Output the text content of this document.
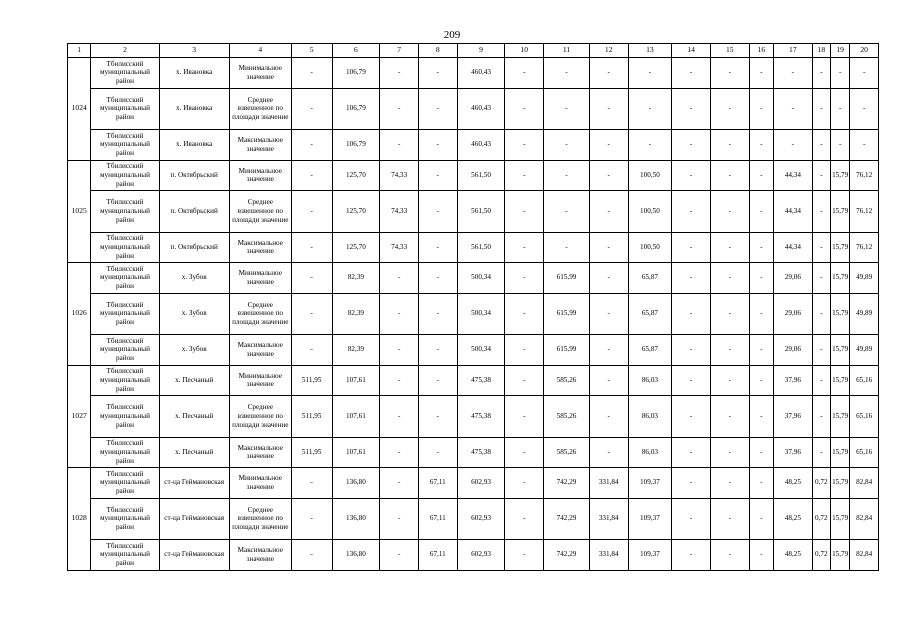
209
1	2	3	4	5	6	7	8	9	10	11	12	13	14	15	16	17	18	19	20
1024	Тбилисский муниципальный район	х. Ивановка	Минимальное значение	-	106,79	-	-	460,43	-	-	-	-	-	-	-	-	-	-	-
	Тбилисский муниципальный район	х. Ивановка	Среднее взвешенное по площади значение	-	106,79	-	-	460,43	-	-	-	-	-	-	-	-	-	-	-
	Тбилисский муниципальный район	х. Ивановка	Максимальное значение	-	106,79	-	-	460,43	-	-	-	-	-	-	-	-	-	-	-
1025	Тбилисский муниципальный район	п. Октябрьский	Минимальное значение	-	125,70	74,33	-	561,50	-	-	-	100,50	-	-	-	44,34	-	15,79	76,12
	Тбилисский муниципальный район	п. Октябрьский	Среднее взвешенное по площади значение	-	125,70	74,33	-	561,50	-	-	-	100,50	-	-	-	44,34	-	15,79	76,12
	Тбилисский муниципальный район	п. Октябрьский	Максимальное значение	-	125,70	74,33	-	561,50	-	-	-	100,50	-	-	-	44,34	-	15,79	76,12
1026	Тбилисский муниципальный район	х. Зубов	Минимальное значение	-	82,39	-	-	500,34	-	615,99	-	65,87	-	-	-	29,06	-	15,79	49,89
	Тбилисский муниципальный район	х. Зубов	Среднее взвешенное по площади значение	-	82,39	-	-	500,34	-	615,99	-	65,87	-	-	-	29,06	-	15,79	49,89
	Тбилисский муниципальный район	х. Зубов	Максимальное значение	-	82,39	-	-	500,34	-	615,99	-	65,87	-	-	-	29,06	-	15,79	49,89
1027	Тбилисский муниципальный район	х. Песчаный	Минимальное значение	511,95	107,61	-	-	475,38	-	585,26	-	86,03	-	-	-	37,96	-	15,79	65,16
	Тбилисский муниципальный район	х. Песчаный	Среднее взвешенное по площади значение	511,95	107,61	-	-	475,38	-	585,26	-	86,03	-	-	-	37,96	-	15,79	65,16
	Тбилисский муниципальный район	х. Песчаный	Максимальное значение	511,95	107,61	-	-	475,38	-	585,26	-	86,03	-	-	-	37,96	-	15,79	65,16
1028	Тбилисский муниципальный район	ст-ца Геймановская	Минимальное значение	-	136,80	-	67,11	602,93	-	742,29	331,84	109,37	-	-	-	48,25	0,72	15,79	82,84
	Тбилисский муниципальный район	ст-ца Геймановская	Среднее взвешенное по площади значение	-	136,80	-	67,11	602,93	-	742,29	331,84	109,37	-	-	-	48,25	0,72	15,79	82,84
	Тбилисский муниципальный район	ст-ца Геймановская	Максимальное значение	-	136,80	-	67,11	602,93	-	742,29	331,84	109,37	-	-	-	48,25	0,72	15,79	82,84
